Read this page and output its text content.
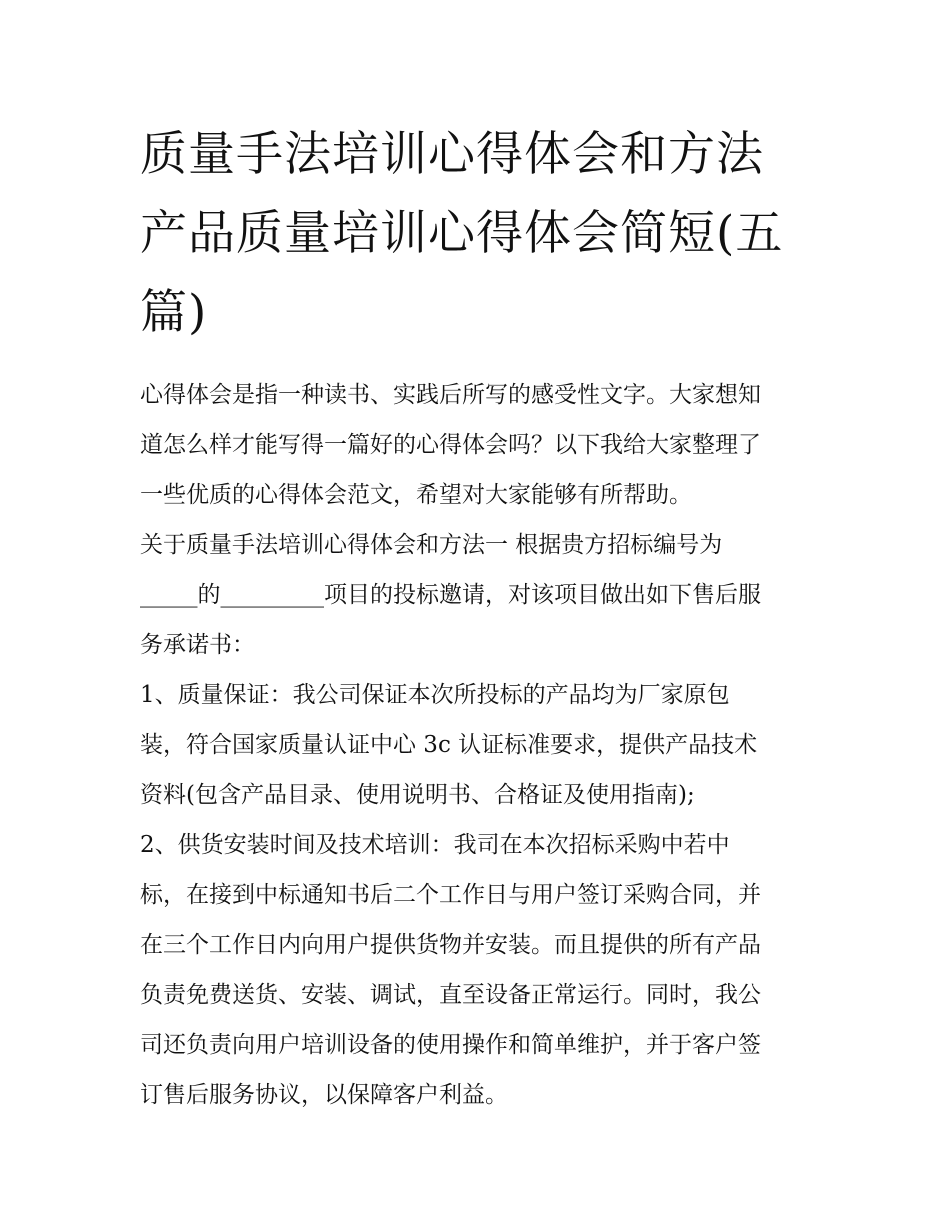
质量手法培训心得体会和方法
产品质量培训心得体会简短(五
篇)
心得体会是指一种读书、实践后所写的感受性文字。大家想知
道怎么样才能写得一篇好的心得体会吗？以下我给大家整理了
一些优质的心得体会范文，希望对大家能够有所帮助。
关于质量手法培训心得体会和方法一 根据贵方招标编号为
_____的_________项目的投标邀请，对该项目做出如下售后服
务承诺书：
1、质量保证：我公司保证本次所投标的产品均为厂家原包
装，符合国家质量认证中心 3c 认证标准要求，提供产品技术
资料(包含产品目录、使用说明书、合格证及使用指南);
2、供货安装时间及技术培训：我司在本次招标采购中若中
标，在接到中标通知书后二个工作日与用户签订采购合同，并
在三个工作日内向用户提供货物并安装。而且提供的所有产品
负责免费送货、安装、调试，直至设备正常运行。同时，我公
司还负责向用户培训设备的使用操作和简单维护，并于客户签
订售后服务协议，以保障客户利益。
